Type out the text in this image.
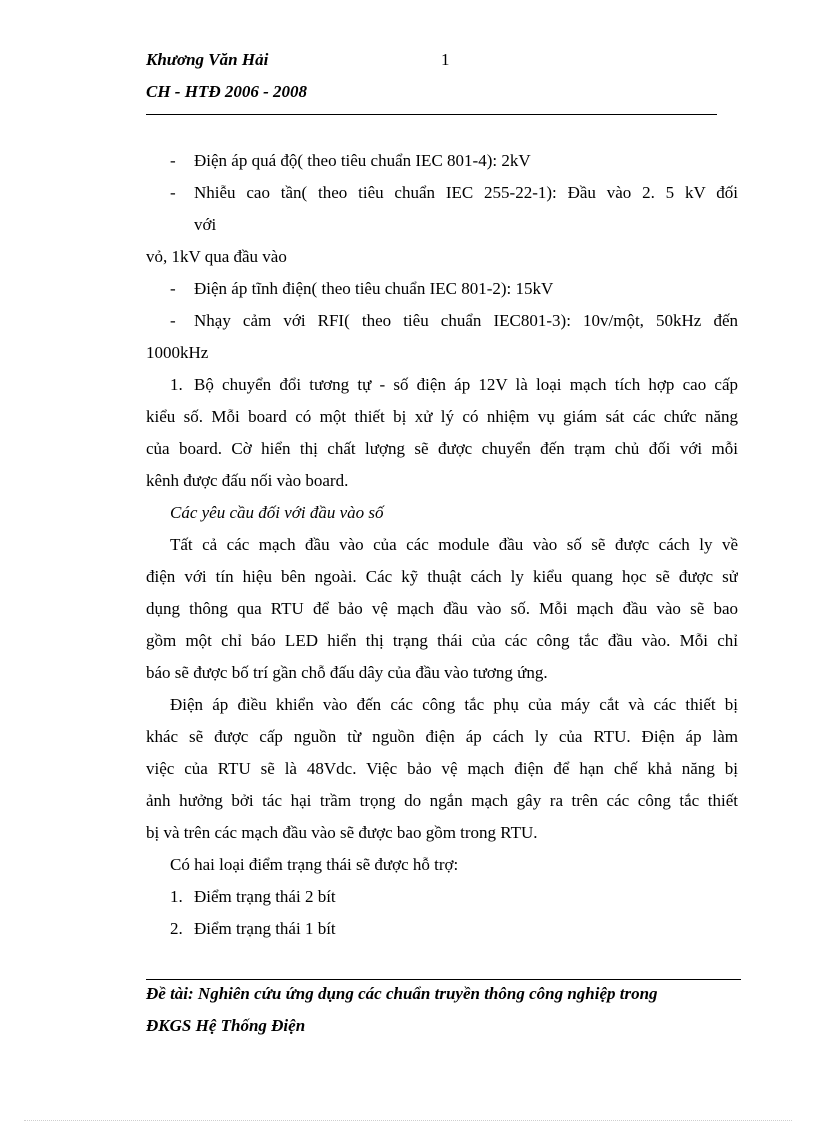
Khương Văn Hải	1
CH - HTĐ 2006 - 2008
- Điện áp quá độ( theo tiêu chuẩn IEC 801-4): 2kV
- Nhiễu cao tần( theo tiêu chuẩn IEC 255-22-1): Đầu vào 2. 5 kV đối
với
vỏ, 1kV qua đầu vào
- Điện áp tĩnh điện( theo tiêu chuẩn IEC 801-2): 15kV
- Nhạy cảm với RFI( theo tiêu chuẩn IEC801-3): 10v/một, 50kHz đến
1000kHz
1. Bộ chuyển đổi tương tự - số điện áp 12V là loại mạch tích hợp cao cấp
kiểu số. Mỗi board có một thiết bị xử lý có nhiệm vụ giám sát các chức năng
của board. Cờ hiển thị chất lượng sẽ được chuyển đến trạm chủ đối với mỗi
kênh được đấu nối vào board.
Các yêu cầu đối với đầu vào số
Tất cả các mạch đầu vào của các module đầu vào số sẽ được cách ly về
điện với tín hiệu bên ngoài. Các kỹ thuật cách ly kiểu quang học sẽ được sử
dụng thông qua RTU để bảo vệ mạch đầu vào số. Mỗi mạch đầu vào sẽ bao
gồm một chỉ báo LED hiển thị trạng thái của các công tắc đầu vào. Mỗi chỉ
báo sẽ được bố trí gần chỗ đấu dây của đầu vào tương ứng.
Điện áp điều khiển vào đến các công tắc phụ của máy cắt và các thiết bị
khác sẽ được cấp nguồn từ nguồn điện áp cách ly của RTU. Điện áp làm
việc của RTU sẽ là 48Vdc. Việc bảo vệ mạch điện để hạn chế khả năng bị
ảnh hưởng bởi tác hại trầm trọng do ngắn mạch gây ra trên các công tắc thiết
bị và trên các mạch đầu vào sẽ được bao gồm trong RTU.
Có hai loại điểm trạng thái sẽ được hỗ trợ:
1. Điểm trạng thái 2 bít
2. Điểm trạng thái 1 bít
Đề tài: Nghiên cứu ứng dụng các chuẩn truyền thông công nghiệp trong
ĐKGS Hệ Thống Điện
